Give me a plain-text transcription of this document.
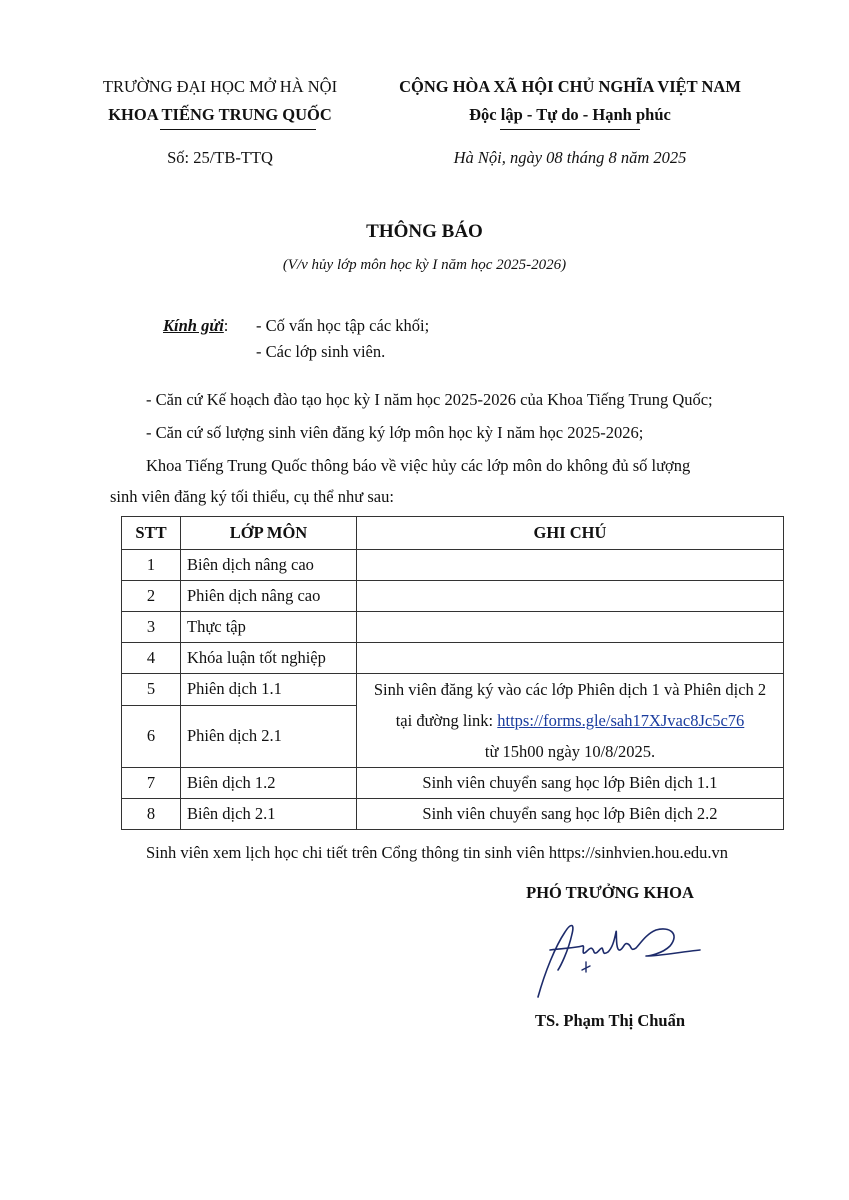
TRƯỜNG ĐẠI HỌC MỞ HÀ NỘI
KHOA TIẾNG TRUNG QUỐC
Số: 25/TB-TTQ
CỘNG HÒA XÃ HỘI CHỦ NGHĨA VIỆT NAM
Độc lập - Tự do - Hạnh phúc
Hà Nội, ngày 08 tháng 8 năm 2025
THÔNG BÁO
(V/v hủy lớp môn học kỳ I năm học 2025-2026)
Kính gửi: - Cố vấn học tập các khối;
- Các lớp sinh viên.
- Căn cứ Kế hoạch đào tạo học kỳ I năm học 2025-2026 của Khoa Tiếng Trung Quốc;
- Căn cứ số lượng sinh viên đăng ký lớp môn học kỳ I năm học 2025-2026;
Khoa Tiếng Trung Quốc thông báo về việc hủy các lớp môn do không đủ số lượng
sinh viên đăng ký tối thiểu, cụ thể như sau:
STT	LỚP MÔN	GHI CHÚ
1	Biên dịch nâng cao	
2	Phiên dịch nâng cao	
3	Thực tập	
4	Khóa luận tốt nghiệp	
5	Phiên dịch 1.1	Sinh viên đăng ký vào các lớp Phiên dịch 1 và Phiên dịch 2
tại đường link: https://forms.gle/sah17XJvac8Jc5c76
từ 15h00 ngày 10/8/2025.

6	Phiên dịch 2.1	
7	Biên dịch 1.2	Sinh viên chuyển sang học lớp Biên dịch 1.1
8	Biên dịch 2.1	Sinh viên chuyển sang học lớp Biên dịch 2.2
Sinh viên xem lịch học chi tiết trên Cổng thông tin sinh viên https://sinhvien.hou.edu.vn
PHÓ TRƯỞNG KHOA
TS. Phạm Thị Chuẩn
